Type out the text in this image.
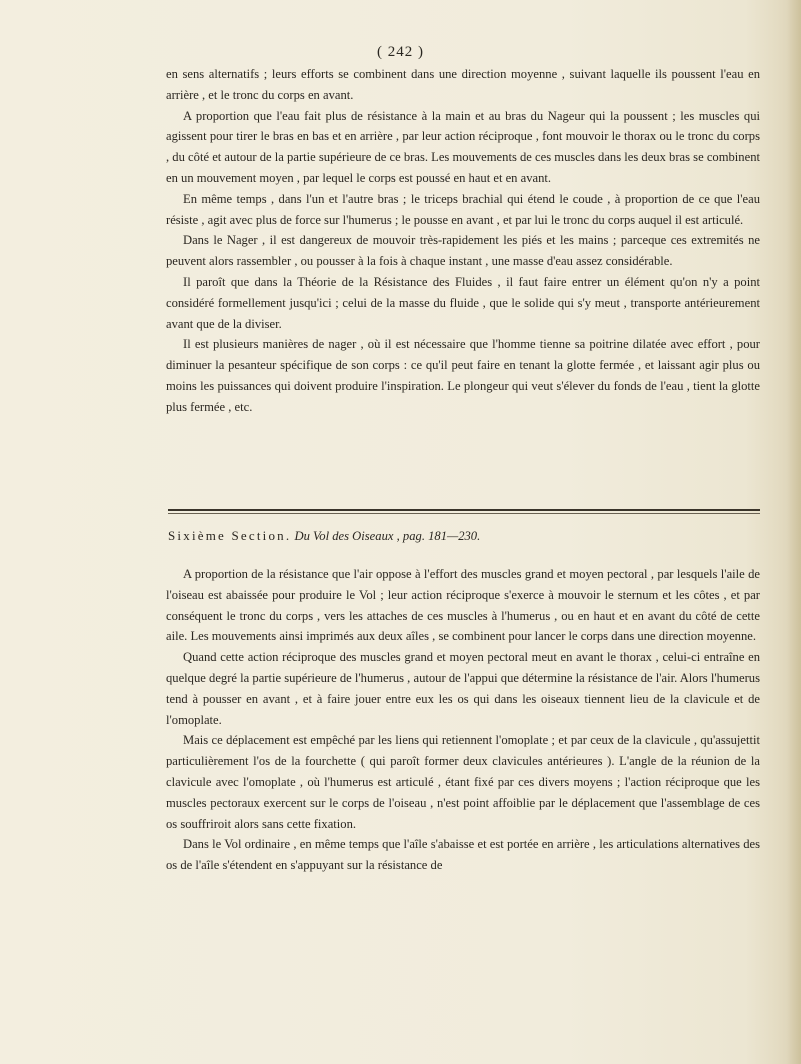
( 242 )

en sens alternatifs ; leurs efforts se combinent dans une direction moyenne , suivant laquelle ils poussent l'eau en arrière , et le tronc du corps en avant.

A proportion que l'eau fait plus de résistance à la main et au bras du Nageur qui la poussent ; les muscles qui agissent pour tirer le bras en bas et en arrière , par leur action réciproque , font mouvoir le thorax ou le tronc du corps , du côté et autour de la partie supérieure de ce bras. Les mouvements de ces muscles dans les deux bras se combinent en un mouvement moyen , par lequel le corps est poussé en haut et en avant.

En même temps , dans l'un et l'autre bras ; le triceps brachial qui étend le coude , à proportion de ce que l'eau résiste , agit avec plus de force sur l'humerus ; le pousse en avant , et par lui le tronc du corps auquel il est articulé.

Dans le Nager , il est dangereux de mouvoir très-rapidement les piés et les mains ; parceque ces extremités ne peuvent alors rassembler , ou pousser à la fois à chaque instant , une masse d'eau assez considérable.

Il paroît que dans la Théorie de la Résistance des Fluides , il faut faire entrer un élément qu'on n'y a point considéré formellement jusqu'ici ; celui de la masse du fluide , que le solide qui s'y meut , transporte antérieurement avant que de la diviser.

Il est plusieurs manières de nager , où il est nécessaire que l'homme tienne sa poitrine dilatée avec effort , pour diminuer la pesanteur spécifique de son corps : ce qu'il peut faire en tenant la glotte fermée , et laissant agir plus ou moins les puissances qui doivent produire l'inspiration. Le plongeur qui veut s'élever du fonds de l'eau , tient la glotte plus fermée , etc.

Sixième Section. Du Vol des Oiseaux , pag. 181—230.

A proportion de la résistance que l'air oppose à l'effort des muscles grand et moyen pectoral , par lesquels l'aile de l'oiseau est abaissée pour produire le Vol ; leur action réciproque s'exerce à mouvoir le sternum et les côtes , et par conséquent le tronc du corps , vers les attaches de ces muscles à l'humerus , ou en haut et en avant du côté de cette aile. Les mouvements ainsi imprimés aux deux aîles , se combinent pour lancer le corps dans une direction moyenne.

Quand cette action réciproque des muscles grand et moyen pectoral meut en avant le thorax , celui-ci entraîne en quelque degré la partie supérieure de l'humerus , autour de l'appui que détermine la résistance de l'air. Alors l'humerus tend à pousser en avant , et à faire jouer entre eux les os qui dans les oiseaux tiennent lieu de la clavicule et de l'omoplate.

Mais ce déplacement est empêché par les liens qui retiennent l'omoplate ; et par ceux de la clavicule , qu'assujettit particulièrement l'os de la fourchette ( qui paroît former deux clavicules antérieures ). L'angle de la réunion de la clavicule avec l'omoplate , où l'humerus est articulé , étant fixé par ces divers moyens ; l'action réciproque que les muscles pectoraux exercent sur le corps de l'oiseau , n'est point affoiblie par le déplacement que l'assemblage de ces os souffriroit alors sans cette fixation.

Dans le Vol ordinaire , en même temps que l'aîle s'abaisse et est portée en arrière , les articulations alternatives des os de l'aîle s'étendent en s'appuyant sur la résistance de
